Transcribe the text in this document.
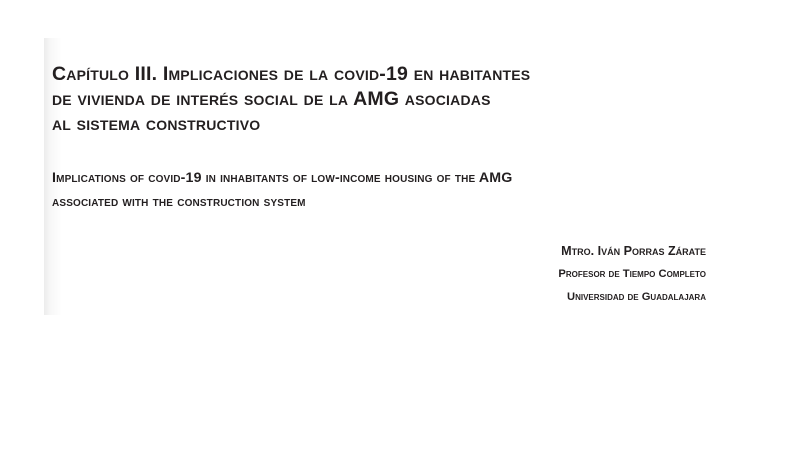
Capítulo III. Implicaciones de la covid-19 en habitantes
de vivienda de interés social de la AMG asociadas
al sistema constructivo
Implications of covid-19 in inhabitants of low-income housing of the AMG
associated with the construction system
Mtro. Iván Porras Zárate
Profesor de Tiempo Completo
Universidad de Guadalajara
